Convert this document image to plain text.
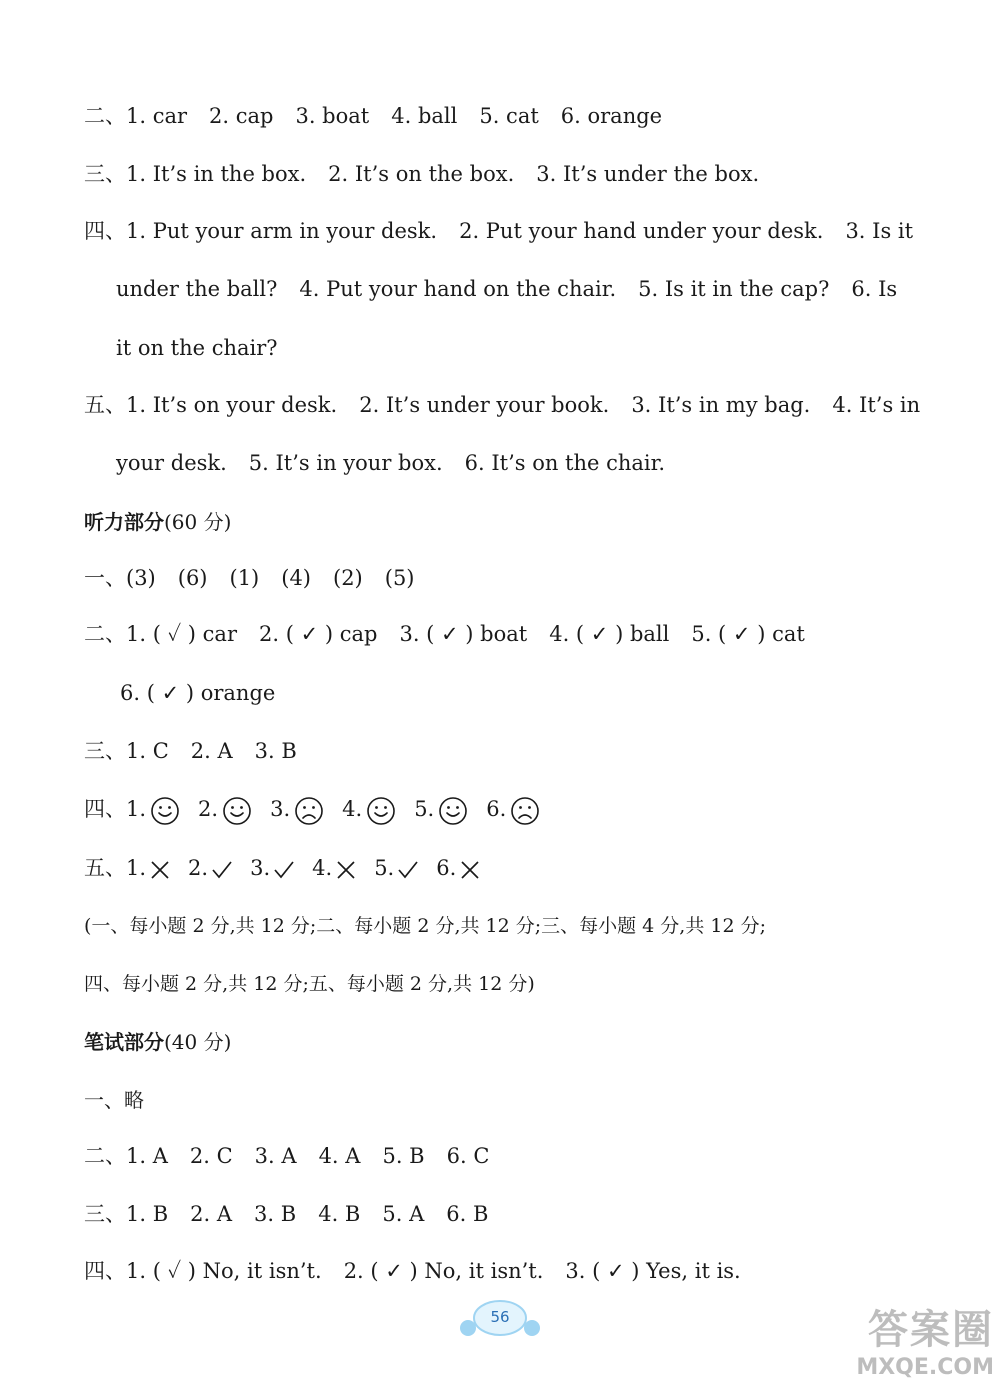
二、1. car 2. cap 3. boat 4. ball 5. cat 6. orange
三、1. It’s in the box. 2. It’s on the box. 3. It’s under the box.
四、1. Put your arm in your desk. 2. Put your hand under your desk. 3. Is it
under the ball? 4. Put your hand on the chair. 5. Is it in the cap? 6. Is
it on the chair?
五、1. It’s on your desk. 2. It’s under your book. 3. It’s in my bag. 4. It’s in
your desk. 5. It’s in your box. 6. It’s on the chair.
听力部分(60 分)
一、(3) (6) (1) (4) (2) (5)
二、1. ( ✓ ) car 2. ( ✓ ) cap 3. ( ✓ ) boat 4. ( ✓ ) ball 5. ( ✓ ) cat
6. ( ✓ ) orange
三、1. C 2. A 3. B
四、1. 2. 3. 4. 5. 6.
五、1. 2. 3. 4. 5. 6.
(一、每小题 2 分,共 12 分;二、每小题 2 分,共 12 分;三、每小题 4 分,共 12 分;
四、每小题 2 分,共 12 分;五、每小题 2 分,共 12 分)
笔试部分(40 分)
一、略
二、1. A 2. C 3. A 4. A 5. B 6. C
三、1. B 2. A 3. B 4. B 5. A 6. B
四、1. ( ✓ ) No, it isn’t. 2. ( ✓ ) No, it isn’t. 3. ( ✓ ) Yes, it is.
56	答案圈
MXQE.COM
